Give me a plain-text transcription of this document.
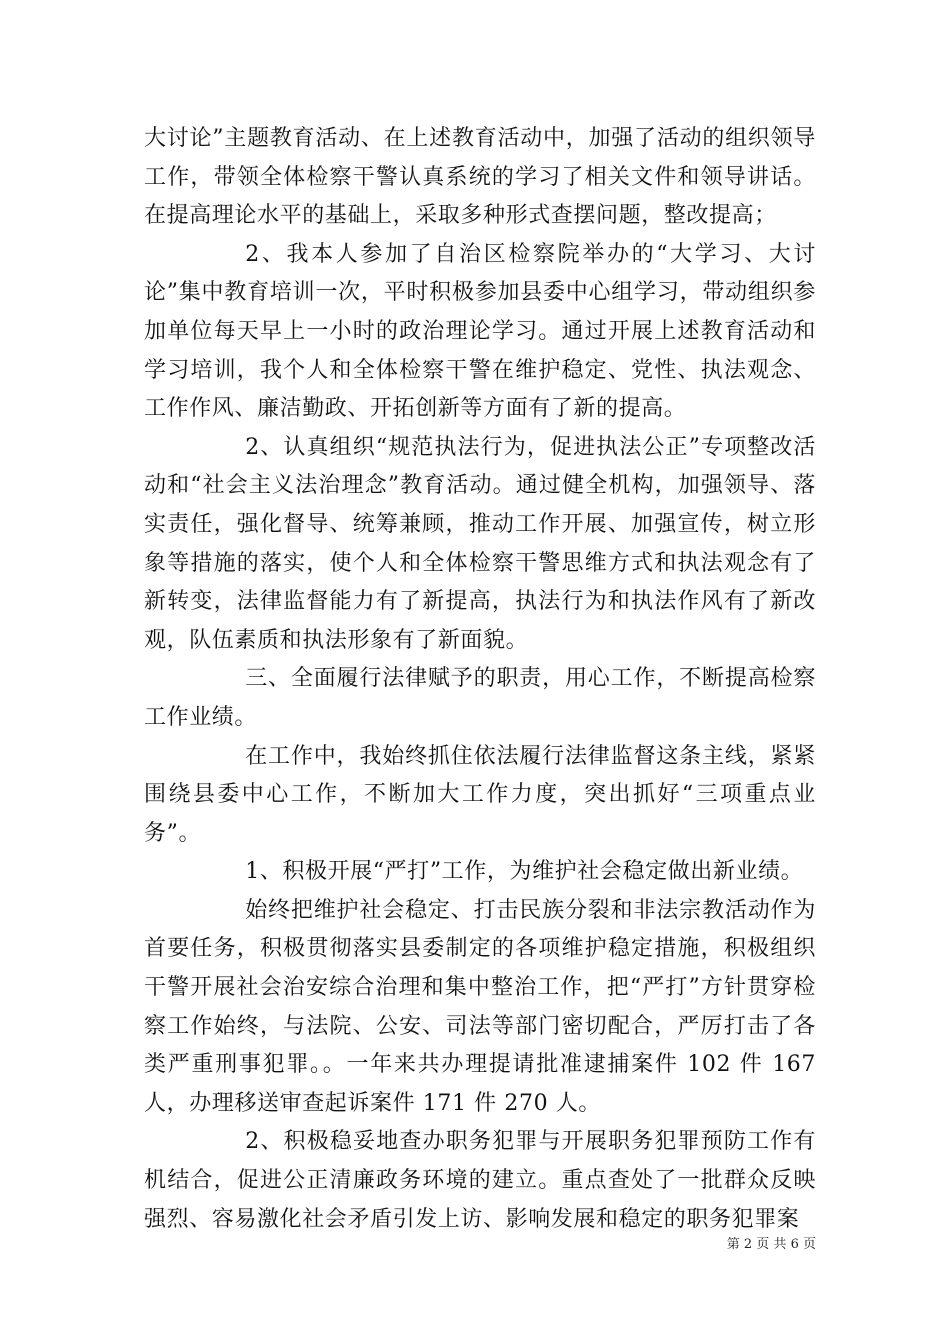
大讨论”主题教育活动、在上述教育活动中，加强了活动的组织领导工作，带领全体检察干警认真系统的学习了相关文件和领导讲话。在提高理论水平的基础上，采取多种形式查摆问题，整改提高；

2、我本人参加了自治区检察院举办的“大学习、大讨论”集中教育培训一次，平时积极参加县委中心组学习，带动组织参加单位每天早上一小时的政治理论学习。通过开展上述教育活动和学习培训，我个人和全体检察干警在维护稳定、党性、执法观念、工作作风、廉洁勤政、开拓创新等方面有了新的提高。

2、认真组织“规范执法行为，促进执法公正”专项整改活动和“社会主义法治理念”教育活动。通过健全机构，加强领导、落实责任，强化督导、统筹兼顾，推动工作开展、加强宣传，树立形象等措施的落实，使个人和全体检察干警思维方式和执法观念有了新转变，法律监督能力有了新提高，执法行为和执法作风有了新改观，队伍素质和执法形象有了新面貌。

三、全面履行法律赋予的职责，用心工作，不断提高检察工作业绩。

在工作中，我始终抓住依法履行法律监督这条主线，紧紧围绕县委中心工作，不断加大工作力度，突出抓好“三项重点业务”。

1、积极开展“严打”工作，为维护社会稳定做出新业绩。

始终把维护社会稳定、打击民族分裂和非法宗教活动作为首要任务，积极贯彻落实县委制定的各项维护稳定措施，积极组织干警开展社会治安综合治理和集中整治工作，把“严打”方针贯穿检察工作始终，与法院、公安、司法等部门密切配合，严厉打击了各类严重刑事犯罪。。一年来共办理提请批准逮捕案件 102 件 167 人，办理移送审查起诉案件 171 件 270 人。

2、积极稳妥地查办职务犯罪与开展职务犯罪预防工作有机结合，促进公正清廉政务环境的建立。重点查处了一批群众反映强烈、容易激化社会矛盾引发上访、影响发展和稳定的职务犯罪案

第 2 页 共 6 页
